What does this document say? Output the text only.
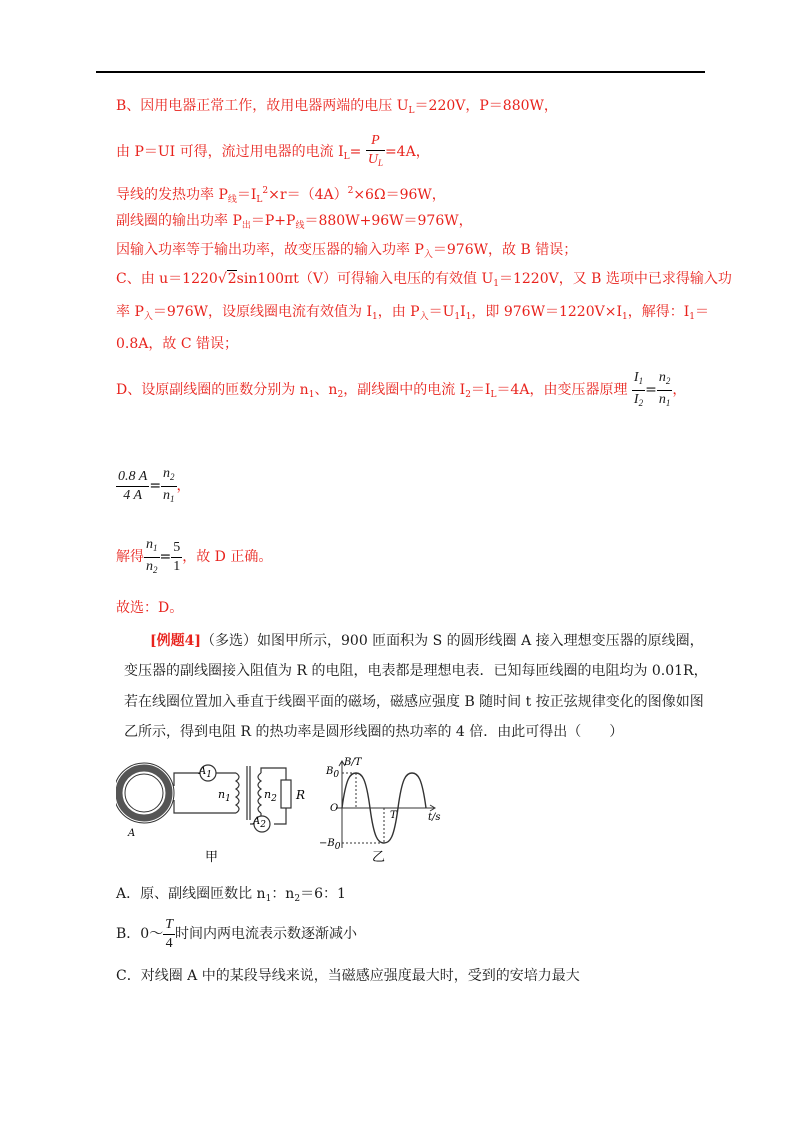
B、因用电器正常工作，故用电器两端的电压 $U_L=220V$，P＝880W，
由 P＝UI 可得，流过用电器的电流 $I_L= \frac{P}{U_L} =4A$，
导线的发热功率 $P_线=I_L^2\times r=(4A)^2\times 6\Omega=96W$，
副线圈的输出功率 $P_出=P+P_线=880W+96W=976W$，
因输入功率等于输出功率，故变压器的输入功率 $P_入=976W$，故 B 错误；
C、由 u＝1220√2sin100πt（V）可得输入电压的有效值 $U_1=1220V$，又 B 选项中已求得输入功
率 $P_入=976W$，设原线圈电流有效值为 $I_1$，由 $P_入=U_1I_1$，即 $976W=1220V\times I_1$，解得：$I_1=$
0.8A，故 C 错误；
D、设原副线圈的匝数分别为 $n_1$、$n_2$，副线圈中的电流 $I_2=I_L=4A$，由变压器原理 $\frac{I_1}{I_2} = \frac{n_2}{n_1}$ ，
$\frac{0.8 A}{4 A} = \frac{n_2}{n_1}$ ，
解得 $\frac{n_1}{n_2} = \frac{5}{1}$ ，故 D 正确。
故选：D。
[例题4]（多选）如图甲所示，900 匝面积为 S 的圆形线圈 A 接入理想变压器的原线圈，
变压器的副线圈接入阻值为 R 的电阻，电表都是理想电表．已知每匝线圈的电阻均为 0.01R，
若在线圈位置加入垂直于线圈平面的磁场，磁感应强度 B 随时间 t 按正弦规律变化的图像如图
乙所示，得到电阻 R 的热功率是圆形线圈的热功率的 4 倍．由此可得出（　　）
$A_1$
$A_2$
$n_1$	$n_2$ R
A
甲
B/T
$B_0$
O
$-B_0$
T	t/s
乙
A．原、副线圈匝数比 $n_1$：$n_2=6$：1
B．0～ $\frac{T}{4}$ 时间内两电流表示数逐渐减小
C．对线圈 A 中的某段导线来说，当磁感应强度最大时，受到的安培力最大
